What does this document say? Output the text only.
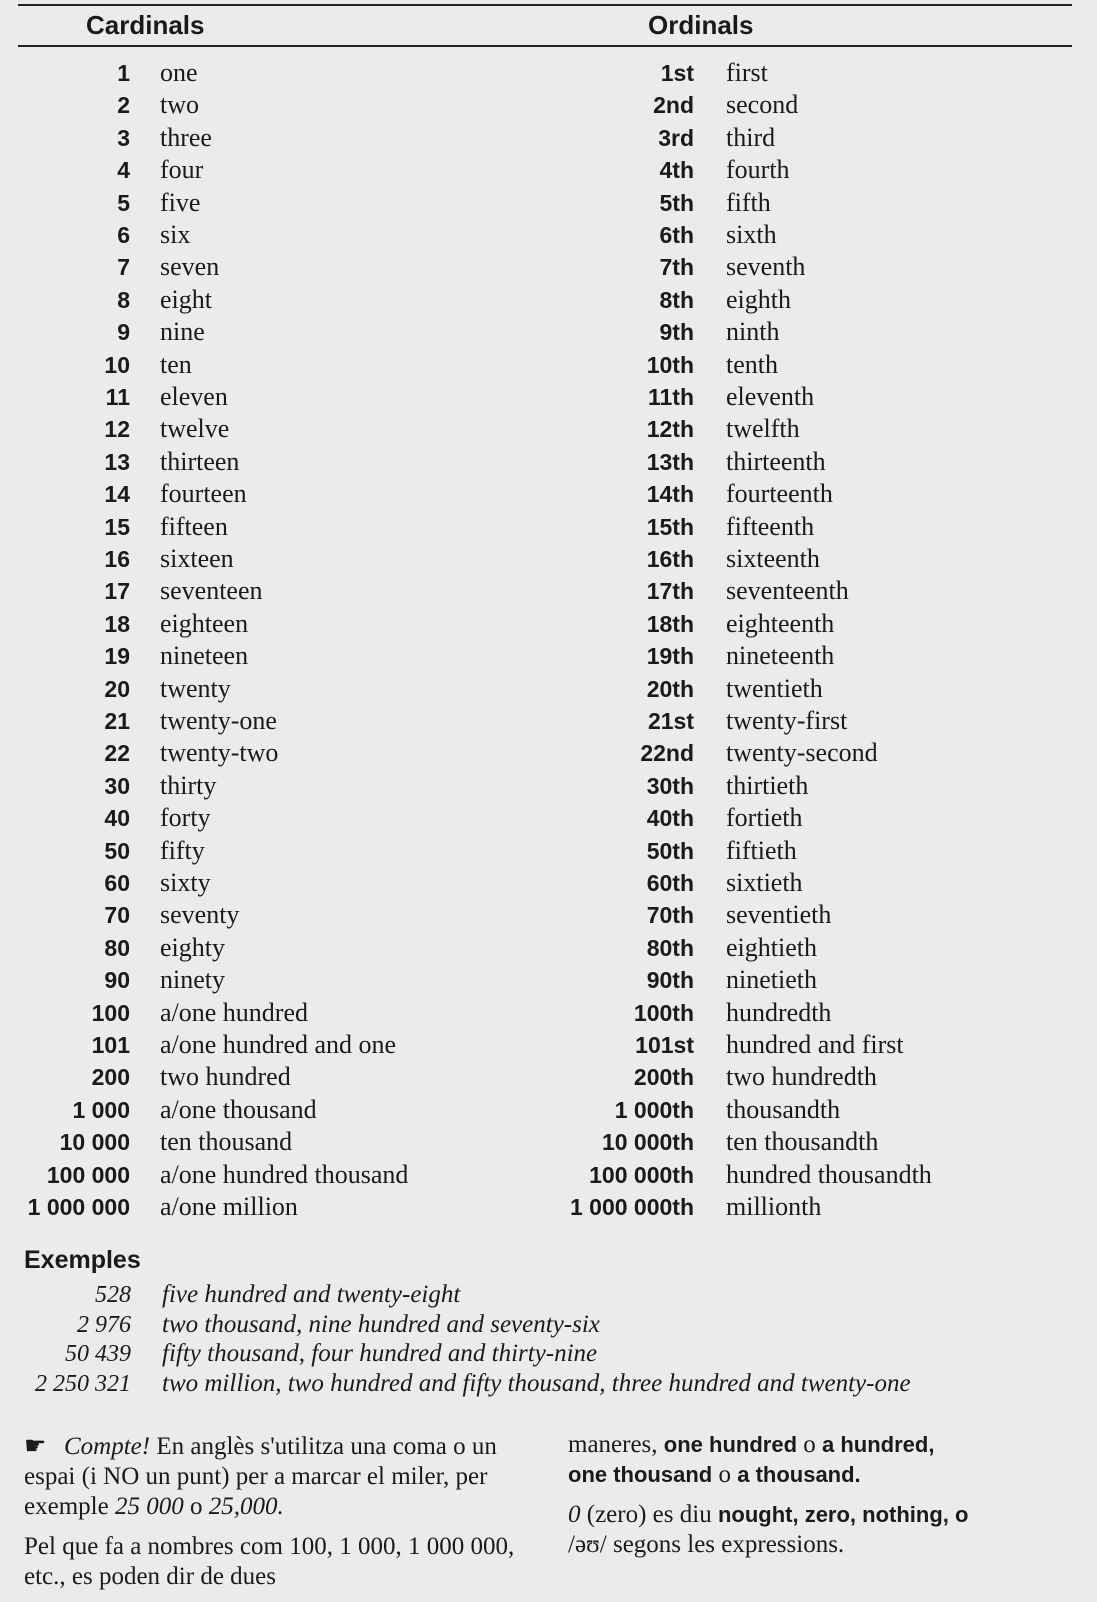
Cardinals	Ordinals
1 one	1st first
2 two	2nd second
3 three	3rd third
4 four	4th fourth
5 five	5th fifth
6 six	6th sixth
7 seven	7th seventh
8 eight	8th eighth
9 nine	9th ninth
10 ten	10th tenth
11 eleven	11th eleventh
12 twelve	12th twelfth
13 thirteen	13th thirteenth
14 fourteen	14th fourteenth
15 fifteen	15th fifteenth
16 sixteen	16th sixteenth
17 seventeen	17th seventeenth
18 eighteen	18th eighteenth
19 nineteen	19th nineteenth
20 twenty	20th twentieth
21 twenty-one	21st twenty-first
22 twenty-two	22nd twenty-second
30 thirty	30th thirtieth
40 forty	40th fortieth
50 fifty	50th fiftieth
60 sixty	60th sixtieth
70 seventy	70th seventieth
80 eighty	80th eightieth
90 ninety	90th ninetieth
100 a/one hundred	100th hundredth
101 a/one hundred and one	101st hundred and first
200 two hundred	200th two hundredth
1 000 a/one thousand	1 000th thousandth
10 000 ten thousand	10 000th ten thousandth
100 000 a/one hundred thousand	100 000th hundred thousandth
1 000 000 a/one million	1 000 000th millionth
Exemples
528 five hundred and twenty-eight
2 976 two thousand, nine hundred and seventy-six
50 439 fifty thousand, four hundred and thirty-nine
2 250 321 two million, two hundred and fifty thousand, three hundred and twenty-one

☛ Compte! En anglès s'utilitza una coma o un espai (i NO un punt) per a marcar el miler, per exemple 25 000 o 25,000.

Pel que fa a nombres com 100, 1 000, 1 000 000, etc., es poden dir de dues

maneres, one hundred o a hundred,
one thousand o a thousand.

0 (zero) es diu nought, zero, nothing, o
/əʊ/ segons les expressions.
